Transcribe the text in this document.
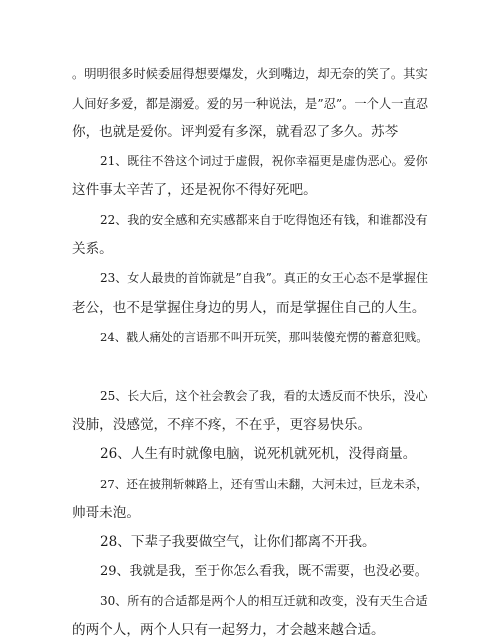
。明明很多时候委屈得想要爆发，火到嘴边，却无奈的笑了。其实
人间好多爱，都是溺爱。爱的另一种说法，是”忍”。一个人一直忍
你，也就是爱你。评判爱有多深，就看忍了多久。苏芩
21、既往不咎这个词过于虚假，祝你幸福更是虚伪恶心。爱你
这件事太辛苦了，还是祝你不得好死吧。
22、我的安全感和充实感都来自于吃得饱还有钱，和谁都没有
关系。
23、女人最贵的首饰就是”自我”。真正的女王心态不是掌握住
老公，也不是掌握住身边的男人，而是掌握住自己的人生。
24、戳人痛处的言语那不叫开玩笑，那叫装傻充愣的蓄意犯贱。
25、长大后，这个社会教会了我，看的太透反而不快乐，没心
没肺，没感觉，不痒不疼，不在乎，更容易快乐。
26、人生有时就像电脑，说死机就死机，没得商量。
27、还在披荆斩棘路上，还有雪山未翻，大河未过，巨龙未杀，
帅哥未泡。
28、下辈子我要做空气，让你们都离不开我。
29、我就是我，至于你怎么看我，既不需要，也没必要。
30、所有的合适都是两个人的相互迁就和改变，没有天生合适
的两个人，两个人只有一起努力，才会越来越合适。
